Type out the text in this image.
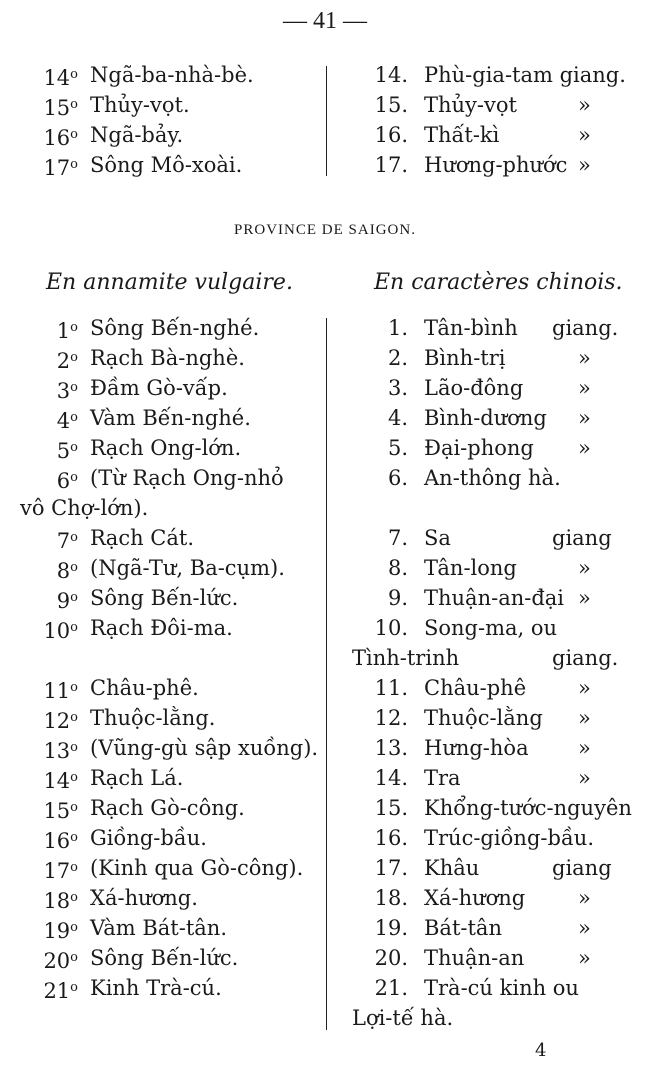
— 41 —
14$^o$ Ngã-ba-nhà-bè.	14. Phù-gia-tam giang.
15$^o$ Thủy-vọt.	15. Thủy-vọt	»
16$^o$ Ngã-bảy.	16. Thất-kì	»
17$^o$ Sông Mô-xoài.	17. Hương-phước »
PROVINCE DE SAIGON.
En annamite vulgaire.	En caractères chinois.
1$^o$ Sông Bến-nghé.	1. Tân-bình giang.
2$^o$ Rạch Bà-nghè.	2. Bình-trị	»
3$^o$ Đầm Gò-vấp.	3. Lão-đông	»
4$^o$ Vàm Bến-nghé.	4. Bình-dương »
5$^o$ Rạch Ong-lớn.	5. Đại-phong »
6$^o$ (Từ Rạch Ong-nhỏ	6. An-thông hà.
vô Chợ-lớn).
7$^o$ Rạch Cát.	7. Sa	giang
8$^o$ (Ngã-Tư, Ba-cụm).	8. Tân-long	»
9$^o$ Sông Bến-lức.	9. Thuận-an-đại »
10$^o$ Rạch Đôi-ma.	10. Song-ma, ou
Tình-trinh	giang.
11$^o$ Châu-phê.	11. Châu-phê »
12$^o$ Thuộc-lằng.	12. Thuộc-lằng »
13$^o$ (Vũng-gù sập xuồng).	13. Hưng-hòa »
14$^o$ Rạch Lá.	14. Tra	»
15$^o$ Rạch Gò-công.	15. Khổng-tước-nguyên
16$^o$ Giồng-bầu.	16. Trúc-giồng-bầu.
17$^o$ (Kinh qua Gò-công).	17. Khâu	giang
18$^o$ Xá-hương.	18. Xá-hương	»
19$^o$ Vàm Bát-tân.	19. Bát-tân	»
20$^o$ Sông Bến-lức.	20. Thuận-an	»
21$^o$ Kinh Trà-cú.	21. Trà-cú kinh ou
Lợi-tế hà.
4
